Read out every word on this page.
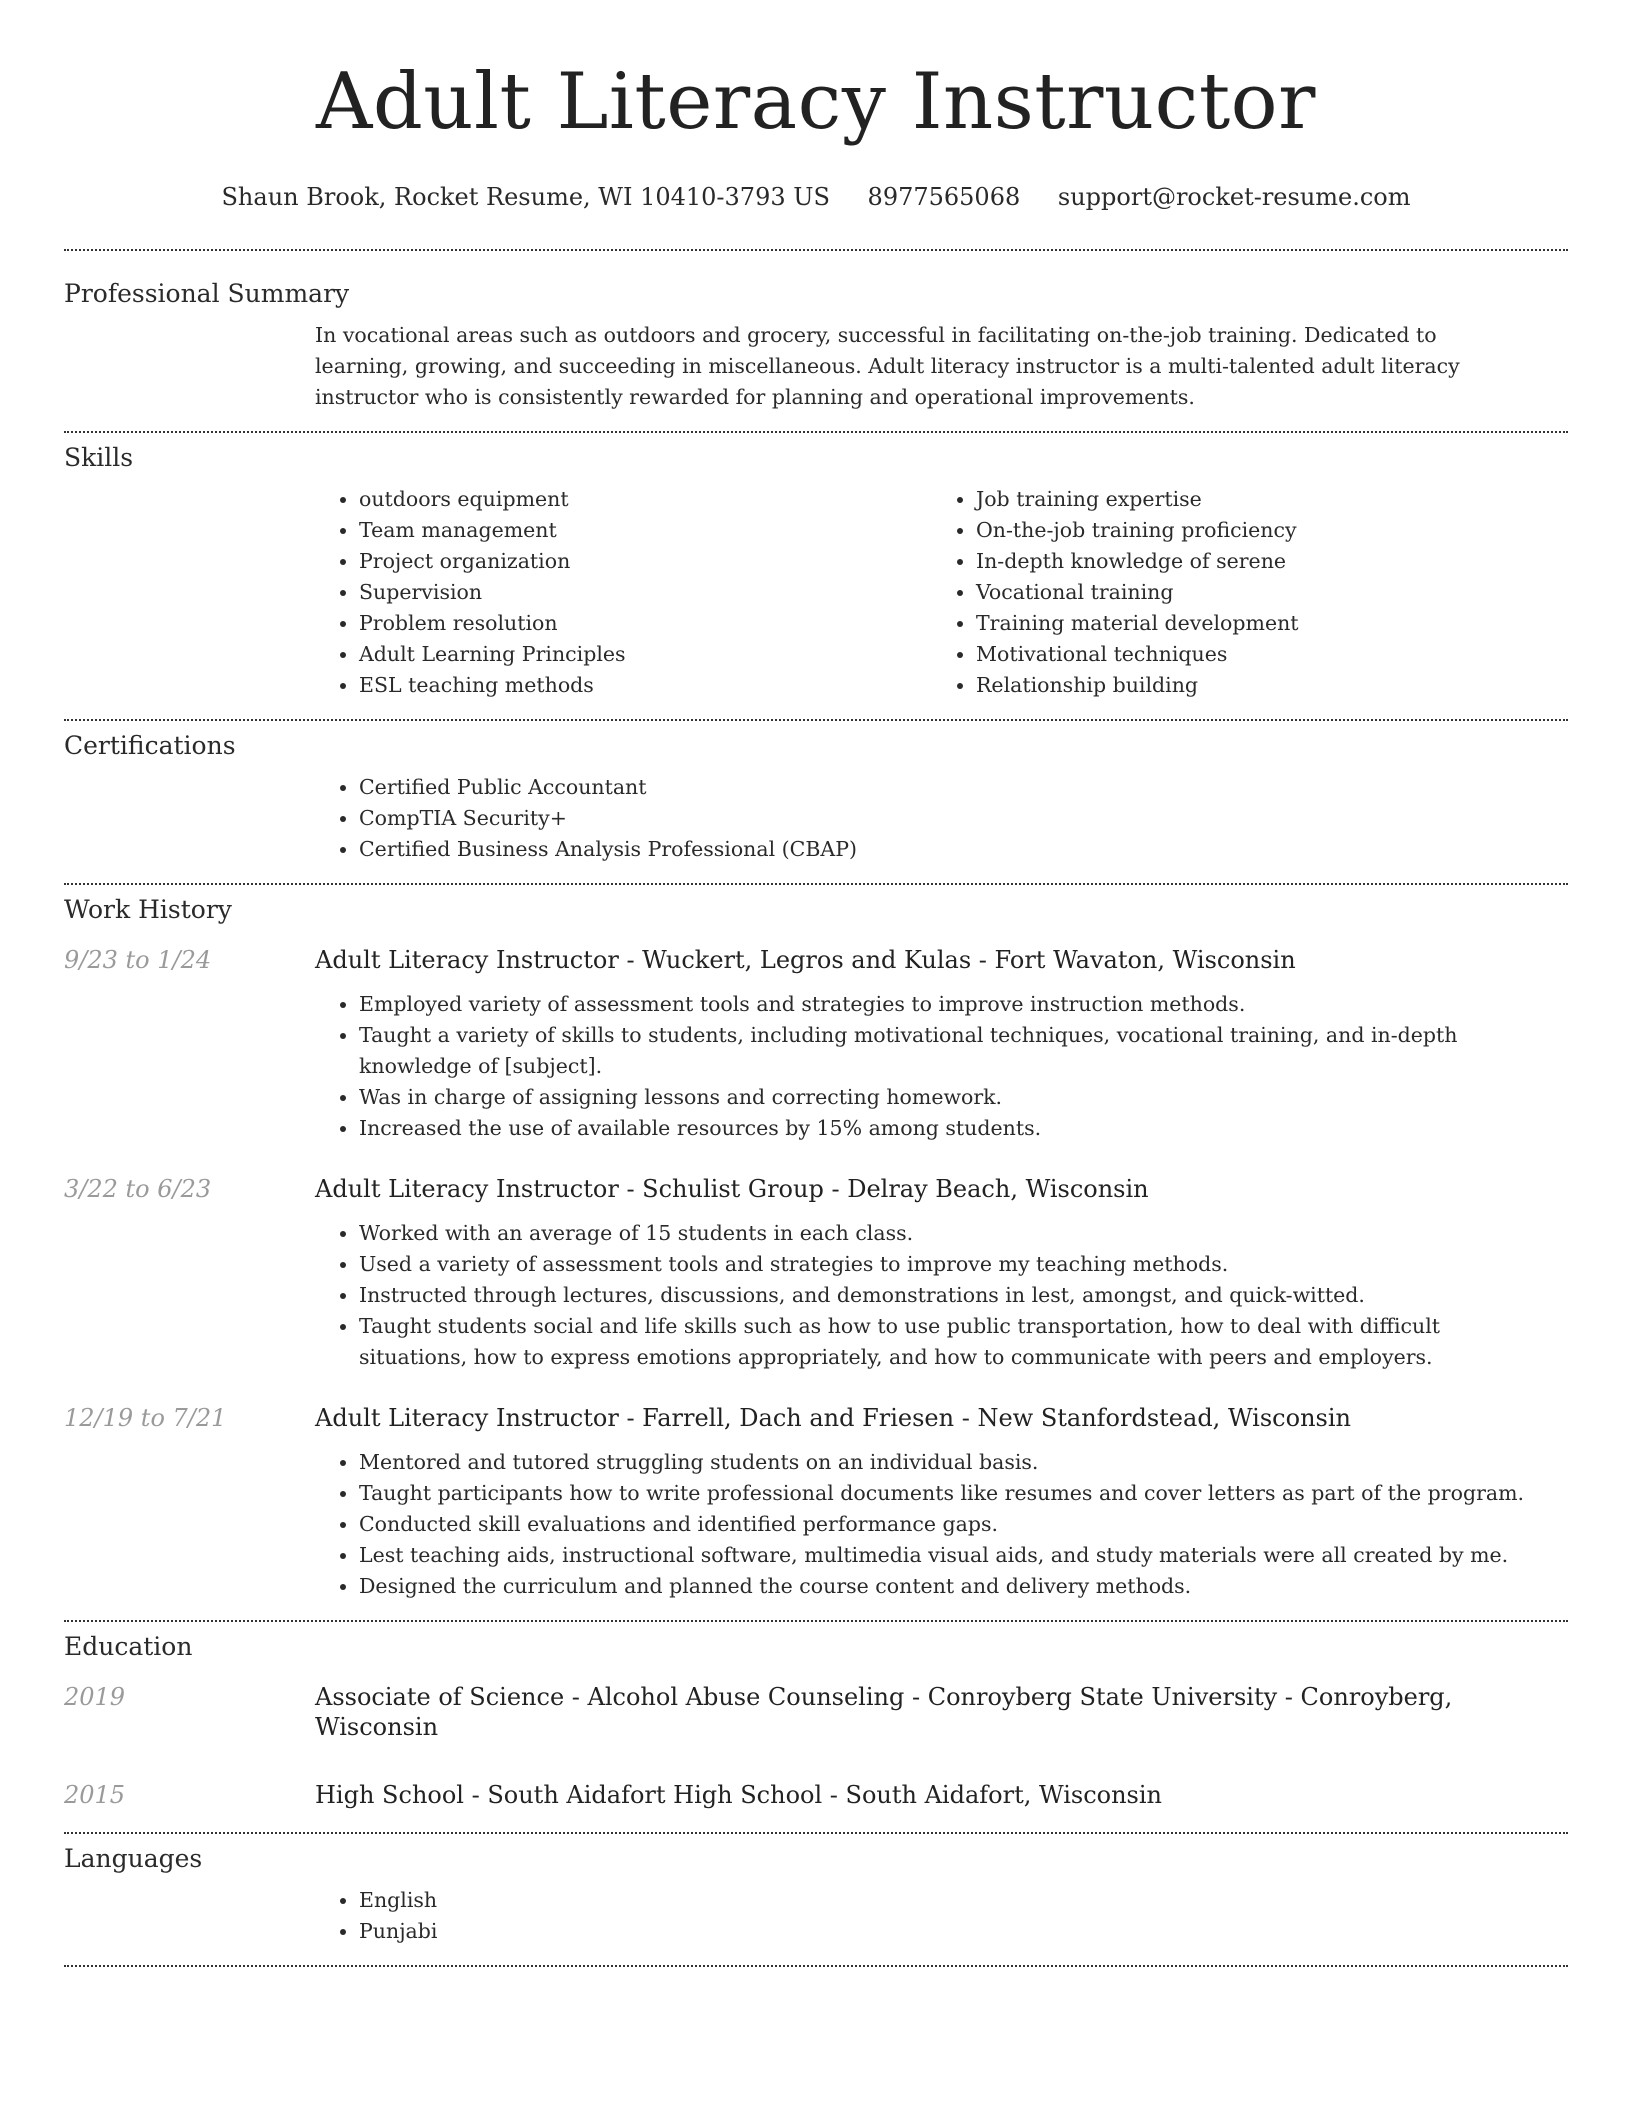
Adult Literacy Instructor
Shaun Brook, Rocket Resume, WI 10410-3793 US 8977565068 support@rocket-resume.com
Professional Summary

In vocational areas such as outdoors and grocery, successful in facilitating on-the-job training. Dedicated to learning, growing, and succeeding in miscellaneous. Adult literacy instructor is a multi-talented adult literacy instructor who is consistently rewarded for planning and operational improvements.

Skills
• outdoors equipment
• Team management
• Project organization
• Supervision
• Problem resolution
• Adult Learning Principles
• ESL teaching methods
• Job training expertise
• On-the-job training proficiency
• In-depth knowledge of serene
• Vocational training
• Training material development
• Motivational techniques
• Relationship building
Certifications
• Certified Public Accountant
• CompTIA Security+
• Certified Business Analysis Professional (CBAP)
Work History
9/23 to 1/24	Adult Literacy Instructor - Wuckert, Legros and Kulas - Fort Wavaton, Wisconsin
• Employed variety of assessment tools and strategies to improve instruction methods.
• Taught a variety of skills to students, including motivational techniques, vocational training, and in-depth knowledge of [subject].
• Was in charge of assigning lessons and correcting homework.
• Increased the use of available resources by 15% among students.
3/22 to 6/23	Adult Literacy Instructor - Schulist Group - Delray Beach, Wisconsin
• Worked with an average of 15 students in each class.
• Used a variety of assessment tools and strategies to improve my teaching methods.
• Instructed through lectures, discussions, and demonstrations in lest, amongst, and quick-witted.
• Taught students social and life skills such as how to use public transportation, how to deal with difficult situations, how to express emotions appropriately, and how to communicate with peers and employers.
12/19 to 7/21	Adult Literacy Instructor - Farrell, Dach and Friesen - New Stanfordstead, Wisconsin
• Mentored and tutored struggling students on an individual basis.
• Taught participants how to write professional documents like resumes and cover letters as part of the program.
• Conducted skill evaluations and identified performance gaps.
• Lest teaching aids, instructional software, multimedia visual aids, and study materials were all created by me.
• Designed the curriculum and planned the course content and delivery methods.
Education
2019	Associate of Science - Alcohol Abuse Counseling - Conroyberg State University - Conroyberg, Wisconsin
2015	High School - South Aidafort High School - South Aidafort, Wisconsin
Languages
• English
• Punjabi
